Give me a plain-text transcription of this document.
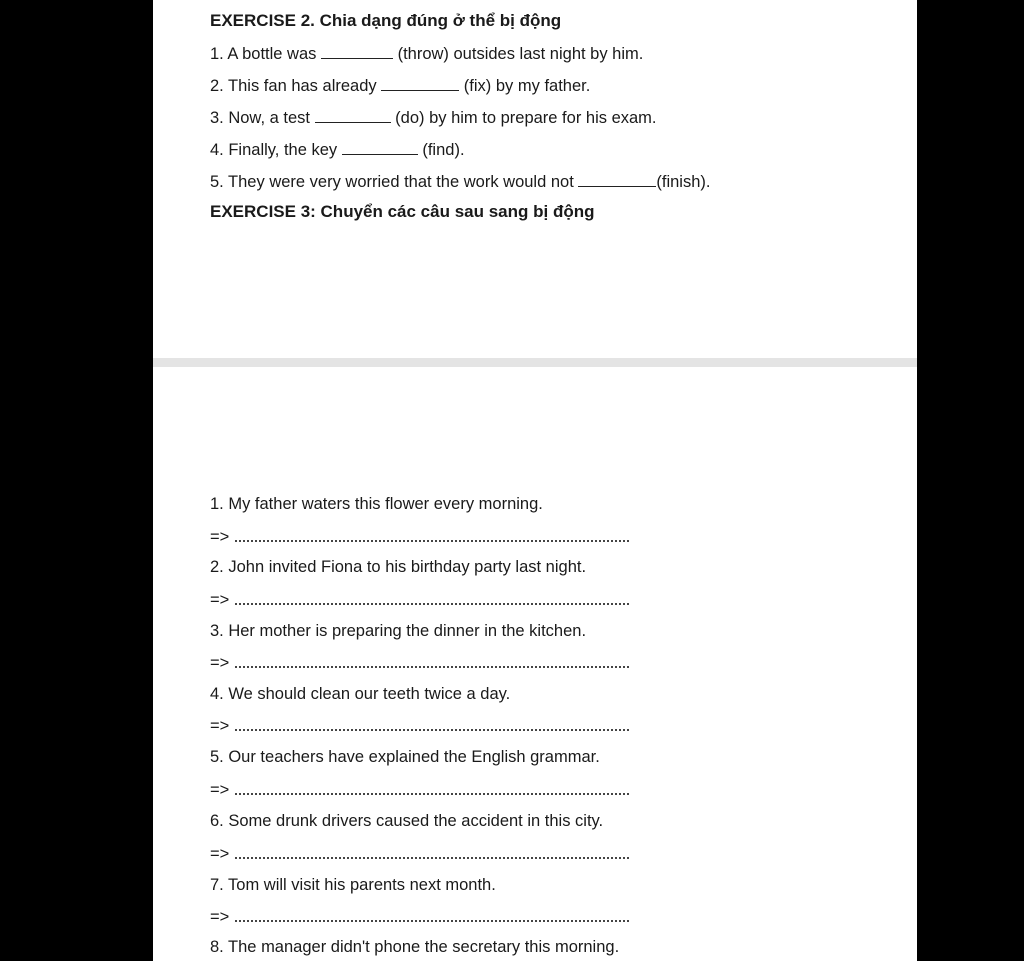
EXERCISE 2. Chia dạng đúng ở thể bị động
1. A bottle was	(throw) outsides last night by him.
2. This fan has already	(fix) by my father.
3. Now, a test	(do) by him to prepare for his exam.
4. Finally, the key	(find).
5. They were very worried that the work would not	(finish).
EXERCISE 3: Chuyển các câu sau sang bị động
1. My father waters this flower every morning.
=>
2. John invited Fiona to his birthday party last night.
=>
3. Her mother is preparing the dinner in the kitchen.
=>
4. We should clean our teeth twice a day.
=>
5. Our teachers have explained the English grammar.
=>
6. Some drunk drivers caused the accident in this city.
=>
7. Tom will visit his parents next month.
=>
8. The manager didn't phone the secretary this morning.
